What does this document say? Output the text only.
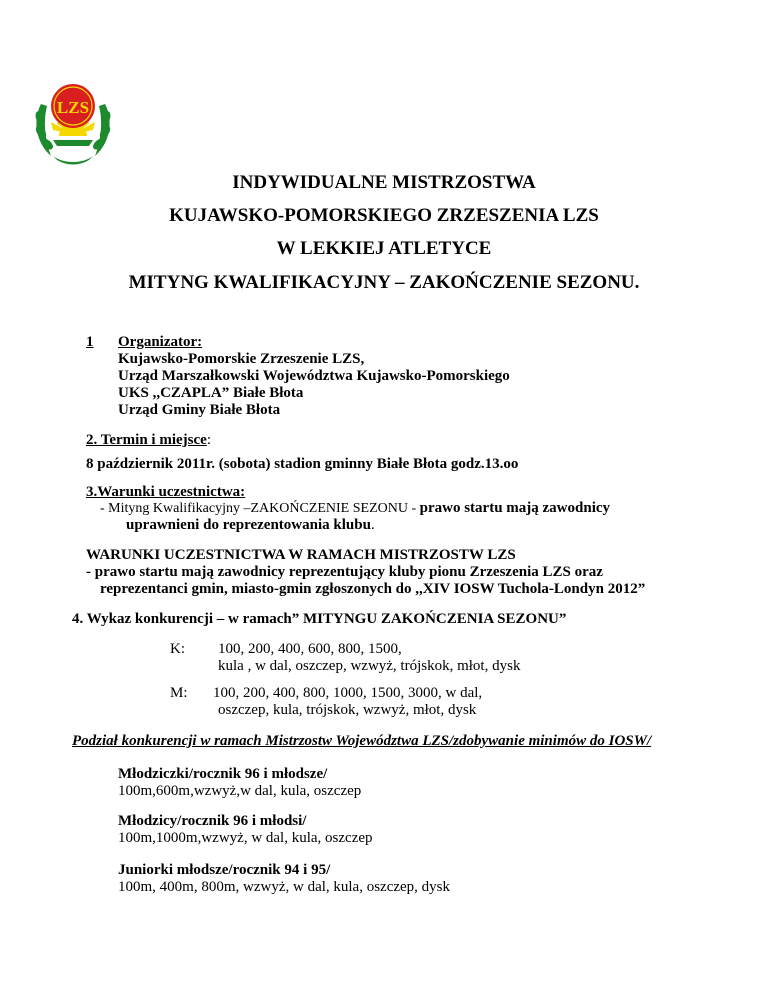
LZS
INDYWIDUALNE MISTRZOSTWA
KUJAWSKO-POMORSKIEGO ZRZESZENIA LZS
W LEKKIEJ ATLETYCE
MITYNG KWALIFIKACYJNY – ZAKOŃCZENIE SEZONU.
1 Organizator:
Kujawsko-Pomorskie Zrzeszenie LZS,
Urząd Marszałkowski Województwa Kujawsko-Pomorskiego
UKS ,,CZAPLA” Białe Błota
Urząd Gminy Białe Błota
2. Termin i miejsce:
8 październik 2011r. (sobota) stadion gminny Białe Błota godz.13.oo
3.Warunki uczestnictwa:
- Mityng Kwalifikacyjny –ZAKOŃCZENIE SEZONU - prawo startu mają zawodnicy
uprawnieni do reprezentowania klubu.
WARUNKI UCZESTNICTWA W RAMACH MISTRZOSTW LZS
- prawo startu mają zawodnicy reprezentujący kluby pionu Zrzeszenia LZS oraz
reprezentanci gmin, miasto-gmin zgłoszonych do ,,XIV IOSW Tuchola-Londyn 2012”
4. Wykaz konkurencji – w ramach” MITYNGU ZAKOŃCZENIA SEZONU”
K: 100, 200, 400, 600, 800, 1500,
kula , w dal, oszczep, wzwyż, trójskok, młot, dysk
M: 100, 200, 400, 800, 1000, 1500, 3000, w dal,
oszczep, kula, trójskok, wzwyż, młot, dysk
Podział konkurencji w ramach Mistrzostw Województwa LZS/zdobywanie minimów do IOSW/
Młodziczki/rocznik 96 i młodsze/
100m,600m,wzwyż,w dal, kula, oszczep
Młodzicy/rocznik 96 i młodsi/
100m,1000m,wzwyż, w dal, kula, oszczep
Juniorki młodsze/rocznik 94 i 95/
100m, 400m, 800m, wzwyż, w dal, kula, oszczep, dysk
